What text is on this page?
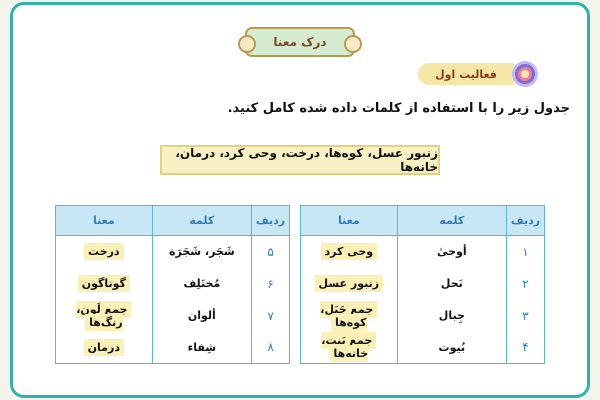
درک معنا
فعالیت اول
جدول زیر را با استفاده از کلمات داده شده کامل کنید.
زنبور عسل، کوه‌ها، درخت، وحی کرد، درمان، خانه‌ها
ردیف	کلمه	معنا
۱	أوحیٰ	وحی کرد
۲	نَحل	زنبور عسل
۳	جِبال	جمع جَبَل، کوه‌ها
۴	بُیوت	جمع بَیت، خانه‌ها
ردیف	کلمه	معنا
۵	شَجَر، شَجَرَة	درخت
۶	مُختَلِف	گوناگون
۷	ألوان	جمع لَون، رنگ‌ها
۸	شِفاء	درمان
